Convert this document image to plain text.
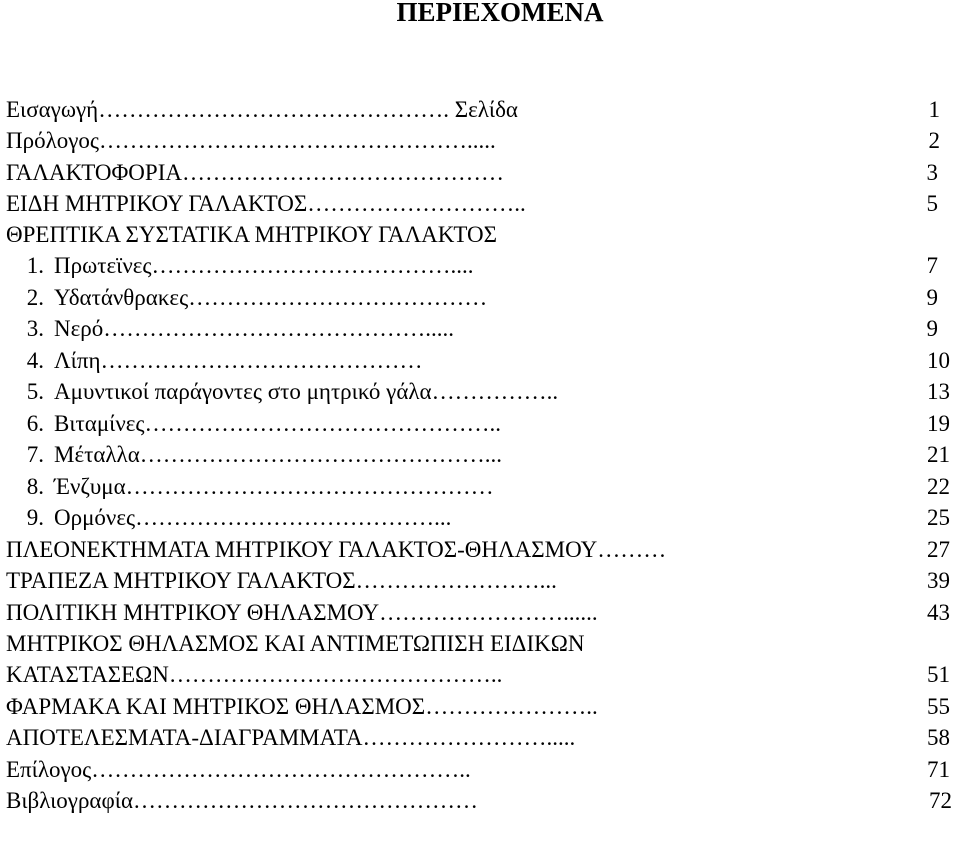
ΠΕΡΙΕΧΟΜΕΝΑ
Εισαγωγή………………………………………. Σελίδα	1
Πρόλογος………………………………………….....	2
ΓΑΛΑΚΤΟΦΟΡΙΑ……………………………………	3
ΕΙΔΗ ΜΗΤΡΙΚΟΥ ΓΑΛΑΚΤΟΣ………………………..	5
ΘΡΕΠΤΙΚΑ ΣΥΣΤΑΤΙΚΑ ΜΗΤΡΙΚΟΥ ΓΑΛΑΚΤΟΣ
1. Πρωτεϊνες…………………………………....	7
2. Υδατάνθρακες…………………………………	9
3. Νερό…………………………………….....	9
4. Λίπη……………………………………	10
5. Αμυντικοί παράγοντες στο μητρικό γάλα……………..	13
6. Βιταμίνες………………………………………..	19
7. Μέταλλα………………………………………...	21
8. Ένζυμα…………………………………………	22
9. Ορμόνες…………………………………...	25
ΠΛΕΟΝΕΚΤΗΜΑΤΑ ΜΗΤΡΙΚΟΥ ΓΑΛΑΚΤΟΣ-ΘΗΛΑΣΜΟΥ………	27
ΤΡΑΠΕΖΑ ΜΗΤΡΙΚΟΥ ΓΑΛΑΚΤΟΣ……………………...	39
ΠΟΛΙΤΙΚΗ ΜΗΤΡΙΚΟΥ ΘΗΛΑΣΜΟΥ……………………......	43
ΜΗΤΡΙΚΟΣ ΘΗΛΑΣΜΟΣ ΚΑΙ ΑΝΤΙΜΕΤΩΠΙΣΗ ΕΙΔΙΚΩΝ
ΚΑΤΑΣΤΑΣΕΩΝ……………………………………..	51
ΦΑΡΜΑΚΑ ΚΑΙ ΜΗΤΡΙΚΟΣ ΘΗΛΑΣΜΟΣ…………………..	55
ΑΠΟΤΕΛΕΣΜΑΤΑ-ΔΙΑΓΡΑΜΜΑΤΑ…………………….....	58
Επίλογος…………………………………………..	71
Βιβλιογραφία………………………………………	72
